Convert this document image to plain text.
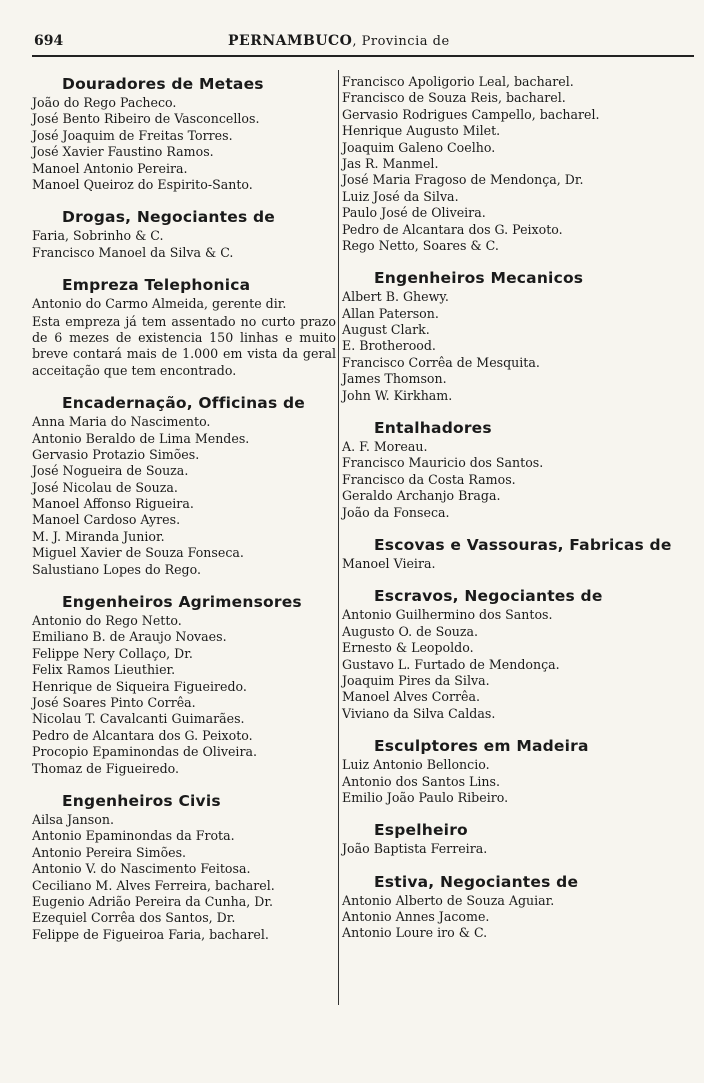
694	PERNAMBUCO, Provincia de
Douradores de Metaes
João do Rego Pacheco.
José Bento Ribeiro de Vasconcellos.
José Joaquim de Freitas Torres.
José Xavier Faustino Ramos.
Manoel Antonio Pereira.
Manoel Queiroz do Espirito-Santo.
Drogas, Negociantes de
Faria, Sobrinho & C.
Francisco Manoel da Silva & C.
Empreza Telephonica
Antonio do Carmo Almeida, gerente dir.
Esta empreza já tem assentado no curto prazo de 6 mezes de existencia 150 linhas e muito breve contará mais de 1.000 em vista da geral acceitação que tem encontrado.
Encadernação, Officinas de
Anna Maria do Nascimento.
Antonio Beraldo de Lima Mendes.
Gervasio Protazio Simões.
José Nogueira de Souza.
José Nicolau de Souza.
Manoel Affonso Rigueira.
Manoel Cardoso Ayres.
M. J. Miranda Junior.
Miguel Xavier de Souza Fonseca.
Salustiano Lopes do Rego.
Engenheiros Agrimensores
Antonio do Rego Netto.
Emiliano B. de Araujo Novaes.
Felippe Nery Collaço, Dr.
Felix Ramos Lieuthier.
Henrique de Siqueira Figueiredo.
José Soares Pinto Corrêa.
Nicolau T. Cavalcanti Guimarães.
Pedro de Alcantara dos G. Peixoto.
Procopio Epaminondas de Oliveira.
Thomaz de Figueiredo.
Engenheiros Civis
Ailsa Janson.
Antonio Epaminondas da Frota.
Antonio Pereira Simões.
Antonio V. do Nascimento Feitosa.
Ceciliano M. Alves Ferreira, bacharel.
Eugenio Adrião Pereira da Cunha, Dr.
Ezequiel Corrêa dos Santos, Dr.
Felippe de Figueiroa Faria, bacharel.
Francisco Apoligorio Leal, bacharel.
Francisco de Souza Reis, bacharel.
Gervasio Rodrigues Campello, bacharel.
Henrique Augusto Milet.
Joaquim Galeno Coelho.
Jas R. Manmel.
José Maria Fragoso de Mendonça, Dr.
Luiz José da Silva.
Paulo José de Oliveira.
Pedro de Alcantara dos G. Peixoto.
Rego Netto, Soares & C.
Engenheiros Mecanicos
Albert B. Ghewy.
Allan Paterson.
August Clark.
E. Brotherood.
Francisco Corrêa de Mesquita.
James Thomson.
John W. Kirkham.
Entalhadores
A. F. Moreau.
Francisco Mauricio dos Santos.
Francisco da Costa Ramos.
Geraldo Archanjo Braga.
João da Fonseca.
Escovas e Vassouras, Fabricas de
Manoel Vieira.
Escravos, Negociantes de
Antonio Guilhermino dos Santos.
Augusto O. de Souza.
Ernesto & Leopoldo.
Gustavo L. Furtado de Mendonça.
Joaquim Pires da Silva.
Manoel Alves Corrêa.
Viviano da Silva Caldas.
Esculptores em Madeira
Luiz Antonio Belloncio.
Antonio dos Santos Lins.
Emilio João Paulo Ribeiro.
Espelheiro
João Baptista Ferreira.
Estiva, Negociantes de
Antonio Alberto de Souza Aguiar.
Antonio Annes Jacome.
Antonio Loure iro & C.
